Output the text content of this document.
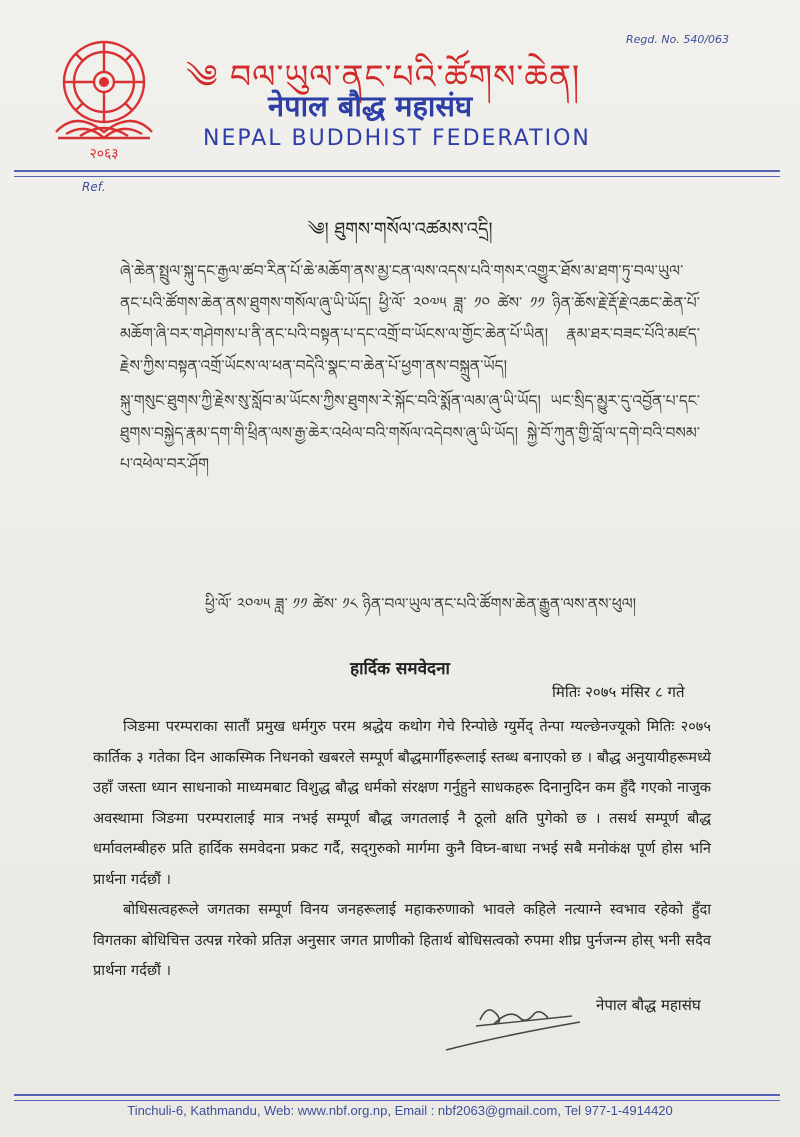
२०६३
Regd. No. 540/063
༄ བལ་ཡུལ་ནང་པའི་ཚོགས་ཆེན།
नेपाल बौद्ध महासंघ
NEPAL BUDDHIST FEDERATION
Ref.
༄། ཐུགས་གསོལ་འཚམས་འདྲི།

ཞེ་ཆེན་སྤྲུལ་སྐུ་དང་རྒྱལ་ཚབ་རིན་པོ་ཆེ་མཆོག་ནས་མྱ་ངན་ལས་འདས་པའི་གསར་འགྱུར་ཐོས་མ་ཐག་ཏུ་བལ་ཡུལ་ནང་པའི་ཚོགས་ཆེན་ནས་ཐུགས་གསོལ་ཞུ་ཡི་ཡོད། ཕྱི་ལོ་ ༢༠༧༥ ཟླ་ ༡༠ ཚེས་ ༡༡ ཉིན་ཆོས་རྗེ་རྡོ་རྗེ་འཆང་ཆེན་པོ་མཆོག་ཞི་བར་གཤེགས་པ་ནི་ནང་པའི་བསྟན་པ་དང་འགྲོ་བ་ཡོངས་ལ་གྱོང་ཆེན་པོ་ཡིན། རྣམ་ཐར་བཟང་པོའི་མཛད་རྗེས་ཀྱིས་བསྟན་འགྲོ་ཡོངས་ལ་ཕན་བདེའི་སྣང་བ་ཆེན་པོ་ཕྱག་ནས་བསྐྲུན་ཡོད།

སྐུ་གསུང་ཐུགས་ཀྱི་རྗེས་སུ་སློབ་མ་ཡོངས་ཀྱིས་ཐུགས་རེ་སྐོང་བའི་སྨོན་ལམ་ཞུ་ཡི་ཡོད། ཡང་སྲིད་མྱུར་དུ་འབྱོན་པ་དང་ཐུགས་བསྐྱེད་རྣམ་དག་གི་ཕྲིན་ལས་རྒྱ་ཆེར་འཕེལ་བའི་གསོལ་འདེབས་ཞུ་ཡི་ཡོད། སྐྱེ་བོ་ཀུན་གྱི་བློ་ལ་དགེ་བའི་བསམ་པ་འཕེལ་བར་ཤོག

ཕྱི་ལོ་ ༢༠༧༥ ཟླ་ ༡༡ ཚེས་ ༡༨ ཉིན་བལ་ཡུལ་ནང་པའི་ཚོགས་ཆེན་རྒྱུན་ལས་ནས་ཕུལ།
हार्दिक समवेदना
मितिः २०७५ मंसिर ८ गते

ञिङमा परम्पराका सातौं प्रमुख धर्मगुरु परम श्रद्धेय कथोग गेचे रिन्पोछे ग्युर्मेद् तेन्पा ग्यल्छेनज्यूको मितिः २०७५ कार्तिक ३ गतेका दिन आकस्मिक निधनको खबरले सम्पूर्ण बौद्धमार्गीहरूलाई स्तब्ध बनाएको छ । बौद्ध अनुयायीहरूमध्ये उहाँ जस्ता ध्यान साधनाको माध्यमबाट विशुद्ध बौद्ध धर्मको संरक्षण गर्नुहुने साधकहरू दिनानुदिन कम हुँदै गएको नाजुक अवस्थामा ञिङमा परम्परालाई मात्र नभई सम्पूर्ण बौद्ध जगतलाई नै ठूलो क्षति पुगेको छ । तसर्थ सम्पूर्ण बौद्ध धर्मावलम्बीहरु प्रति हार्दिक समवेदना प्रकट गर्दै, सद्‌गुरुको मार्गमा कुनै विघ्न-बाधा नभई सबै मनोकंक्ष पूर्ण होस भनि प्रार्थना गर्दछौं ।

बोधिसत्वहरूले जगतका सम्पूर्ण विनय जनहरूलाई महाकरुणाको भावले कहिले नत्याग्ने स्वभाव रहेको हुँदा विगतका बोधिचित्त उत्पन्न गरेको प्रतिज्ञ अनुसार जगत प्राणीको हितार्थ बोधिसत्वको रुपमा शीघ्र पुर्नजन्म होस् भनी सदैव प्रार्थना गर्दछौं ।

नेपाल बौद्ध महासंघ
Tinchuli-6, Kathmandu, Web: www.nbf.org.np, Email : nbf2063@gmail.com, Tel 977-1-4914420
